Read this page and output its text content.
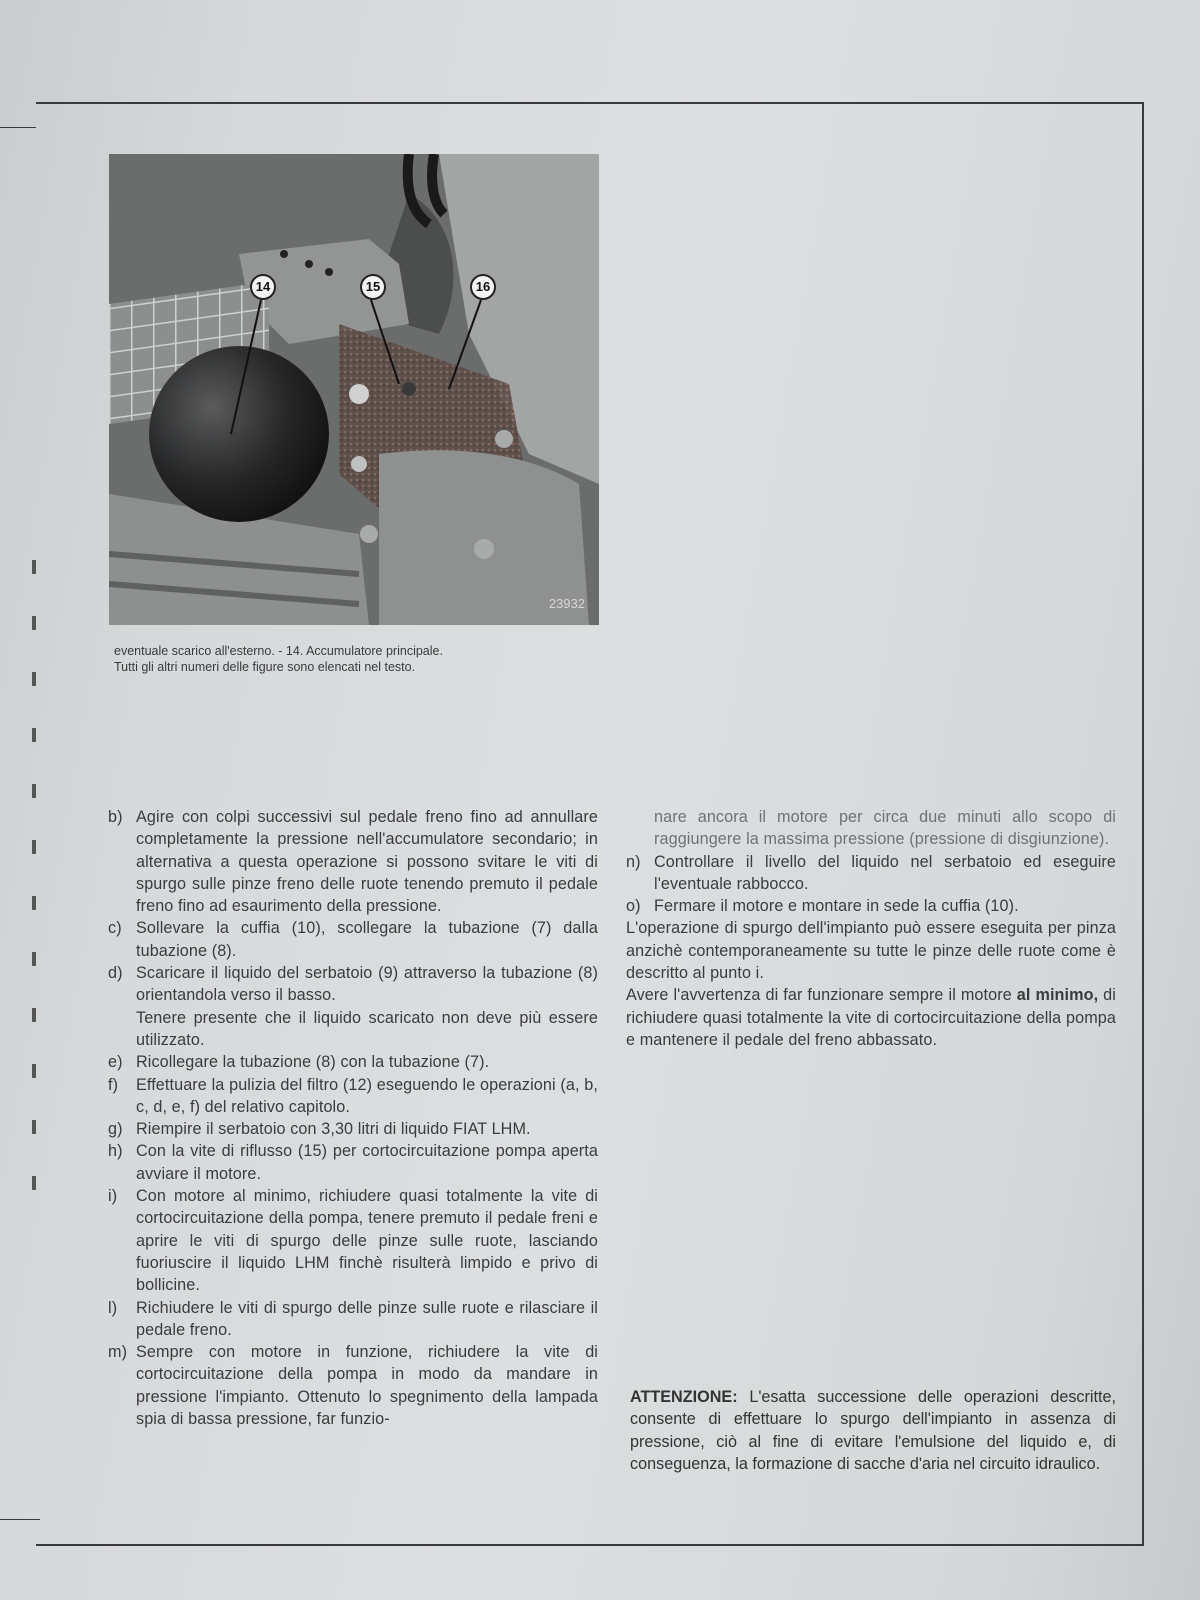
14	15	16
23932
eventuale scarico all'esterno. - 14. Accumulatore principale.
Tutti gli altri numeri delle figure sono elencati nel testo.
b) Agire con colpi successivi sul pedale freno fino ad annullare completamente la pressione nell'accumulatore secondario; in alternativa a questa operazione si possono svitare le viti di spurgo sulle pinze freno delle ruote tenendo premuto il pedale freno fino ad esaurimento della pressione.
c) Sollevare la cuffia (10), scollegare la tubazione (7) dalla tubazione (8).
d) Scaricare il liquido del serbatoio (9) attraverso la tubazione (8) orientandola verso il basso.
Tenere presente che il liquido scaricato non deve più essere utilizzato.
e) Ricollegare la tubazione (8) con la tubazione (7).
f)	Effettuare la pulizia del filtro (12) eseguendo le operazioni (a, b, c, d, e, f) del relativo capitolo.
g) Riempire il serbatoio con 3,30 litri di liquido FIAT LHM.
h) Con la vite di riflusso (15) per cortocircuitazione pompa aperta avviare il motore.
i)	Con motore al minimo, richiudere quasi totalmente la vite di cortocircuitazione della pompa, tenere premuto il pedale freni e aprire le viti di spurgo delle pinze sulle ruote, lasciando fuoriuscire il liquido LHM finchè risulterà limpido e privo di bollicine.
l)	Richiudere le viti di spurgo delle pinze sulle ruote e rilasciare il pedale freno.
m) Sempre con motore in funzione, richiudere la vite di cortocircuitazione della pompa in modo da mandare in pressione l'impianto. Ottenuto lo spegnimento della lampada spia di bassa pressione, far funzio-
nare ancora il motore per circa due minuti allo scopo di raggiungere la massima pressione (pressione di disgiunzione).
n) Controllare il livello del liquido nel serbatoio ed eseguire l'eventuale rabbocco.
o) Fermare il motore e montare in sede la cuffia (10).
L'operazione di spurgo dell'impianto può essere eseguita per pinza anzichè contemporaneamente su tutte le pinze delle ruote come è descritto al punto i.
Avere l'avvertenza di far funzionare sempre il motore al minimo, di richiudere quasi totalmente la vite di cortocircuitazione della pompa e mantenere il pedale del freno abbassato.
ATTENZIONE: L'esatta successione delle operazioni descritte, consente di effettuare lo spurgo dell'impianto in assenza di pressione, ciò al fine di evitare l'emulsione del liquido e, di conseguenza, la formazione di sacche d'aria nel circuito idraulico.
